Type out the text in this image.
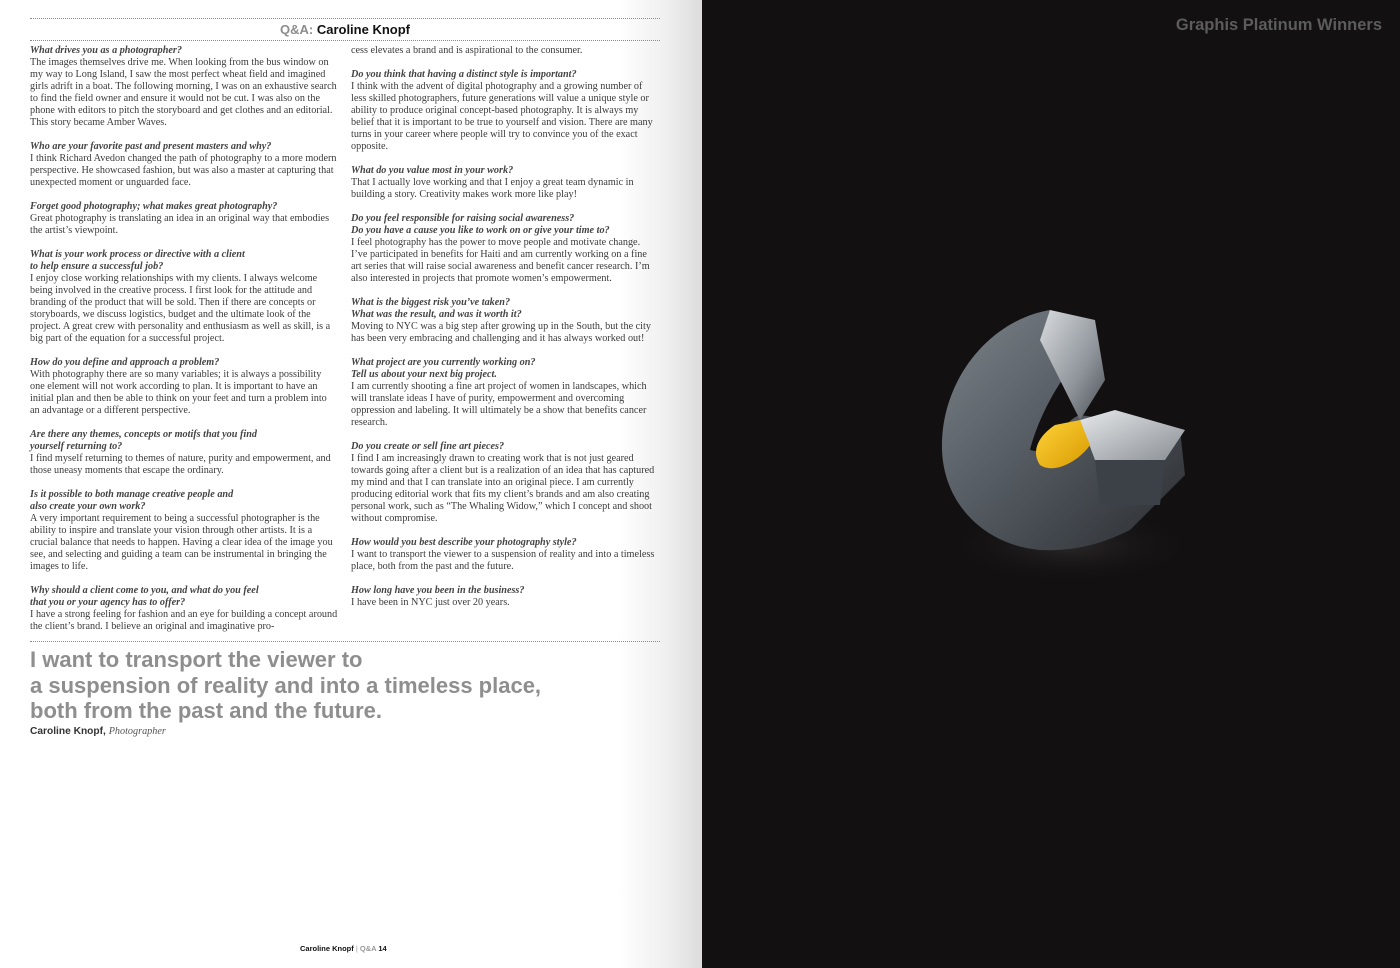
Q&A: Caroline Knopf
What drives you as a photographer?
The images themselves drive me. When looking from the bus window on my way to Long Island, I saw the most perfect wheat field and imagined girls adrift in a boat. The following morning, I was on an exhaustive search to find the field owner and ensure it would not be cut. I was also on the phone with editors to pitch the storyboard and get clothes and an editorial. This story became Amber Waves.
Who are your favorite past and present masters and why?
I think Richard Avedon changed the path of photography to a more modern perspective. He showcased fashion, but was also a master at capturing that unexpected moment or unguarded face.
Forget good photography; what makes great photography?
Great photography is translating an idea in an original way that embodies the artist’s viewpoint.
What is your work process or directive with a client
to help ensure a successful job?
I enjoy close working relationships with my clients. I always welcome being involved in the creative process. I first look for the attitude and branding of the product that will be sold. Then if there are concepts or storyboards, we discuss logistics, budget and the ultimate look of the project. A great crew with personality and enthusiasm as well as skill, is a big part of the equation for a successful project.
How do you define and approach a problem?
With photography there are so many variables; it is always a possibility one element will not work according to plan. It is important to have an initial plan and then be able to think on your feet and turn a problem into an advantage or a different perspective.
Are there any themes, concepts or motifs that you find
yourself returning to?
I find myself returning to themes of nature, purity and empowerment, and those uneasy moments that escape the ordinary.
Is it possible to both manage creative people and
also create your own work?
A very important requirement to being a successful photographer is the ability to inspire and translate your vision through other artists. It is a crucial balance that needs to happen. Having a clear idea of the image you see, and selecting and guiding a team can be instrumental in bringing the images to life.
Why should a client come to you, and what do you feel
that you or your agency has to offer?
I have a strong feeling for fashion and an eye for building a concept around the client’s brand. I believe an original and imaginative pro-
cess elevates a brand and is aspirational to the consumer.
Do you think that having a distinct style is important?
I think with the advent of digital photography and a growing number of less skilled photographers, future generations will value a unique style or ability to produce original concept-based photography. It is always my belief that it is important to be true to yourself and vision. There are many turns in your career where people will try to convince you of the exact opposite.
What do you value most in your work?
That I actually love working and that I enjoy a great team dynamic in building a story. Creativity makes work more like play!
Do you feel responsible for raising social awareness?
Do you have a cause you like to work on or give your time to?
I feel photography has the power to move people and motivate change. I’ve participated in benefits for Haiti and am currently working on a fine art series that will raise social awareness and benefit cancer research. I’m also interested in projects that promote women’s empowerment.
What is the biggest risk you’ve taken?
What was the result, and was it worth it?
Moving to NYC was a big step after growing up in the South, but the city has been very embracing and challenging and it has always worked out!
What project are you currently working on?
Tell us about your next big project.
I am currently shooting a fine art project of women in landscapes, which will translate ideas I have of purity, empowerment and overcoming oppression and labeling. It will ultimately be a show that benefits cancer research.
Do you create or sell fine art pieces?
I find I am increasingly drawn to creating work that is not just geared towards going after a client but is a realization of an idea that has captured my mind and that I can translate into an original piece. I am currently producing editorial work that fits my client’s brands and am also creating personal work, such as “The Whaling Widow,” which I concept and shoot without compromise.
How would you best describe your photography style?
I want to transport the viewer to a suspension of reality and into a timeless place, both from the past and the future.
How long have you been in the business?
I have been in NYC just over 20 years.
I want to transport the viewer to
a suspension of reality and into a timeless place,
both from the past and the future.
Caroline Knopf, Photographer
Caroline Knopf | Q&A 14
Graphis Platinum Winners
